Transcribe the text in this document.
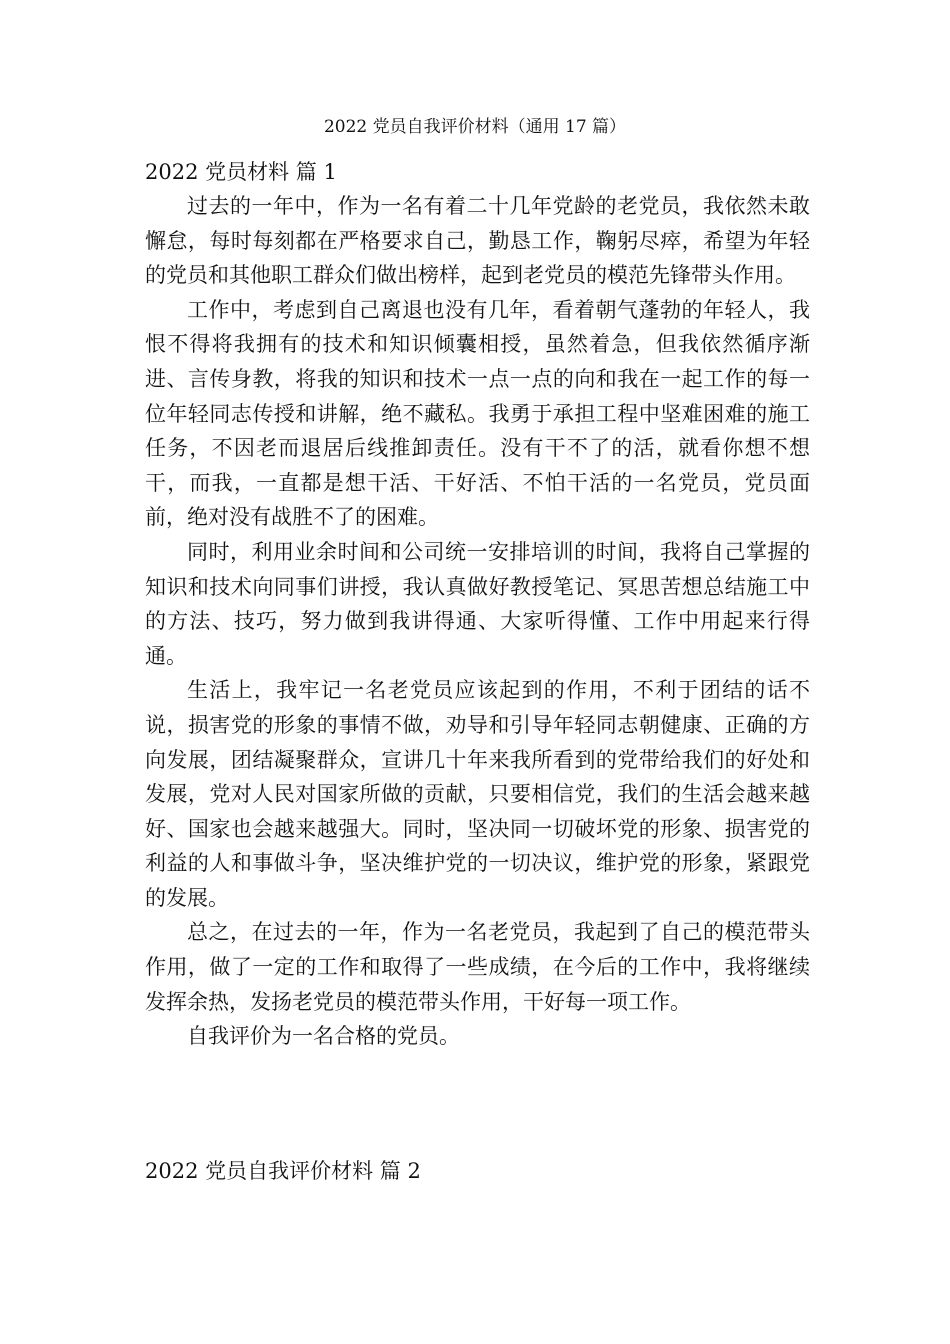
2022 党员自我评价材料（通用 17 篇）
2022 党员材料 篇 1

过去的一年中，作为一名有着二十几年党龄的老党员，我依然未敢懈怠，每时每刻都在严格要求自己，勤恳工作，鞠躬尽瘁，希望为年轻的党员和其他职工群众们做出榜样，起到老党员的模范先锋带头作用。

工作中，考虑到自己离退也没有几年，看着朝气蓬勃的年轻人，我恨不得将我拥有的技术和知识倾囊相授，虽然着急，但我依然循序渐进、言传身教，将我的知识和技术一点一点的向和我在一起工作的每一位年轻同志传授和讲解，绝不藏私。我勇于承担工程中坚难困难的施工任务，不因老而退居后线推卸责任。没有干不了的活，就看你想不想干，而我，一直都是想干活、干好活、不怕干活的一名党员，党员面前，绝对没有战胜不了的困难。

同时，利用业余时间和公司统一安排培训的时间，我将自己掌握的知识和技术向同事们讲授，我认真做好教授笔记、冥思苦想总结施工中的方法、技巧，努力做到我讲得通、大家听得懂、工作中用起来行得通。

生活上，我牢记一名老党员应该起到的作用，不利于团结的话不说，损害党的形象的事情不做，劝导和引导年轻同志朝健康、正确的方向发展，团结凝聚群众，宣讲几十年来我所看到的党带给我们的好处和发展，党对人民对国家所做的贡献，只要相信党，我们的生活会越来越好、国家也会越来越强大。同时，坚决同一切破坏党的形象、损害党的利益的人和事做斗争，坚决维护党的一切决议，维护党的形象，紧跟党的发展。

总之，在过去的一年，作为一名老党员，我起到了自己的模范带头作用，做了一定的工作和取得了一些成绩，在今后的工作中，我将继续发挥余热，发扬老党员的模范带头作用，干好每一项工作。

自我评价为一名合格的党员。

2022 党员自我评价材料 篇 2
